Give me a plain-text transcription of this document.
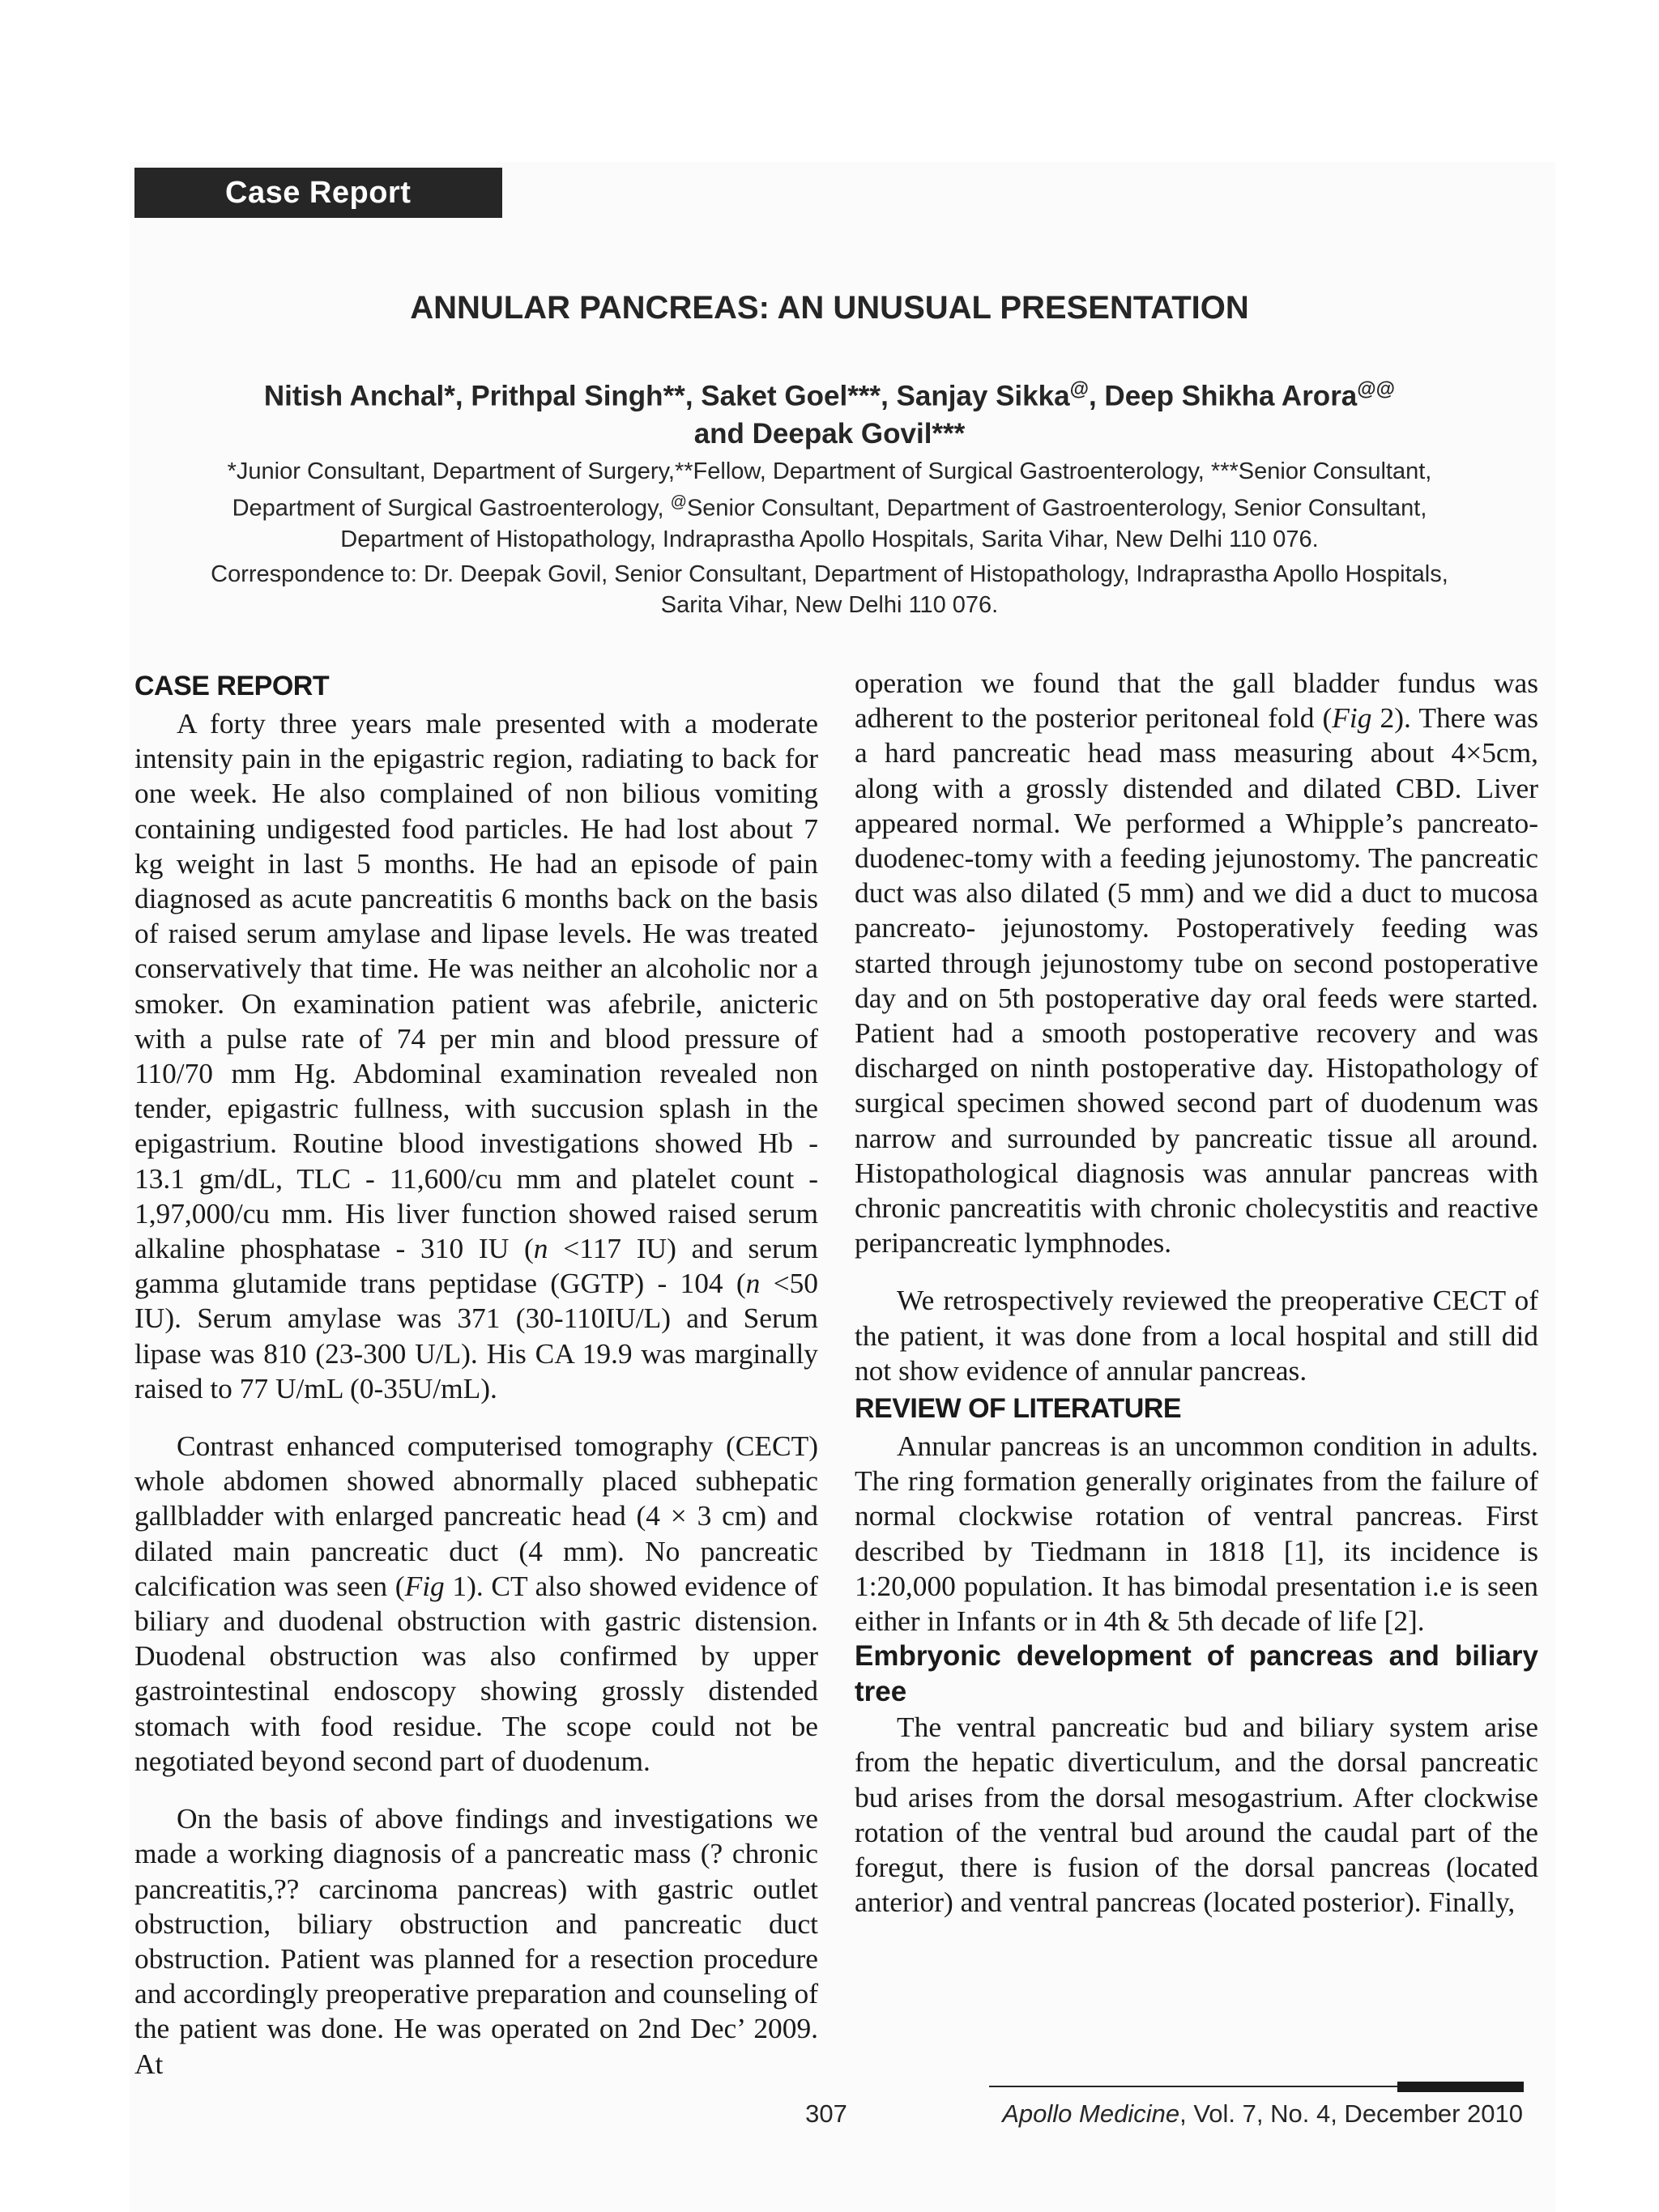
Case Report
ANNULAR PANCREAS: AN UNUSUAL PRESENTATION
Nitish Anchal*, Prithpal Singh**, Saket Goel***, Sanjay Sikka@, Deep Shikha Arora@@
and Deepak Govil***
*Junior Consultant, Department of Surgery,**Fellow, Department of Surgical Gastroenterology, ***Senior Consultant,
Department of Surgical Gastroenterology, @Senior Consultant, Department of Gastroenterology, Senior Consultant,
Department of Histopathology, Indraprastha Apollo Hospitals, Sarita Vihar, New Delhi 110 076.
Correspondence to: Dr. Deepak Govil, Senior Consultant, Department of Histopathology, Indraprastha Apollo Hospitals,
Sarita Vihar, New Delhi 110 076.
CASE REPORT

A forty three years male presented with a moderate intensity pain in the epigastric region, radiating to back for one week. He also complained of non bilious vomiting containing undigested food particles. He had lost about 7 kg weight in last 5 months. He had an episode of pain diagnosed as acute pancreatitis 6 months back on the basis of raised serum amylase and lipase levels. He was treated conservatively that time. He was neither an alcoholic nor a smoker. On examination patient was afebrile, anicteric with a pulse rate of 74 per min and blood pressure of 110/70 mm Hg. Abdominal examination revealed non tender, epigastric fullness, with succusion splash in the epigastrium. Routine blood investigations showed Hb - 13.1 gm/dL, TLC - 11,600/cu mm and platelet count - 1,97,000/cu mm. His liver function showed raised serum alkaline phosphatase - 310 IU (n <117 IU) and serum gamma glutamide trans peptidase (GGTP) - 104 (n <50 IU). Serum amylase was 371 (30-110IU/L) and Serum lipase was 810 (23-300 U/L). His CA 19.9 was marginally raised to 77 U/mL (0-35U/mL).

Contrast enhanced computerised tomography (CECT) whole abdomen showed abnormally placed subhepatic gallbladder with enlarged pancreatic head (4 × 3 cm) and dilated main pancreatic duct (4 mm). No pancreatic calcification was seen (Fig 1). CT also showed evidence of biliary and duodenal obstruction with gastric distension. Duodenal obstruction was also confirmed by upper gastrointestinal endoscopy showing grossly distended stomach with food residue. The scope could not be negotiated beyond second part of duodenum.

On the basis of above findings and investigations we made a working diagnosis of a pancreatic mass (? chronic pancreatitis,?? carcinoma pancreas) with gastric outlet obstruction, biliary obstruction and pancreatic duct obstruction. Patient was planned for a resection procedure and accordingly preoperative preparation and counseling of the patient was done. He was operated on 2nd Dec’ 2009. At

operation we found that the gall bladder fundus was adherent to the posterior peritoneal fold (Fig 2). There was a hard pancreatic head mass measuring about 4×5cm, along with a grossly distended and dilated CBD. Liver appeared normal. We performed a Whipple’s pancreato-duodenec-tomy with a feeding jejunostomy. The pancreatic duct was also dilated (5 mm) and we did a duct to mucosa pancreato- jejunostomy. Postoperatively feeding was started through jejunostomy tube on second postoperative day and on 5th postoperative day oral feeds were started. Patient had a smooth postoperative recovery and was discharged on ninth postoperative day. Histopathology of surgical specimen showed second part of duodenum was narrow and surrounded by pancreatic tissue all around. Histopathological diagnosis was annular pancreas with chronic pancreatitis with chronic cholecystitis and reactive peripancreatic lymphnodes.

We retrospectively reviewed the preoperative CECT of the patient, it was done from a local hospital and still did not show evidence of annular pancreas.

REVIEW OF LITERATURE

Annular pancreas is an uncommon condition in adults. The ring formation generally originates from the failure of normal clockwise rotation of ventral pancreas. First described by Tiedmann in 1818 [1], its incidence is 1:20,000 population. It has bimodal presentation i.e is seen either in Infants or in 4th & 5th decade of life [2].

Embryonic development of pancreas and biliary tree

The ventral pancreatic bud and biliary system arise from the hepatic diverticulum, and the dorsal pancreatic bud arises from the dorsal mesogastrium. After clockwise rotation of the ventral bud around the caudal part of the foregut, there is fusion of the dorsal pancreas (located anterior) and ventral pancreas (located posterior). Finally,

307	Apollo Medicine, Vol. 7, No. 4, December 2010
